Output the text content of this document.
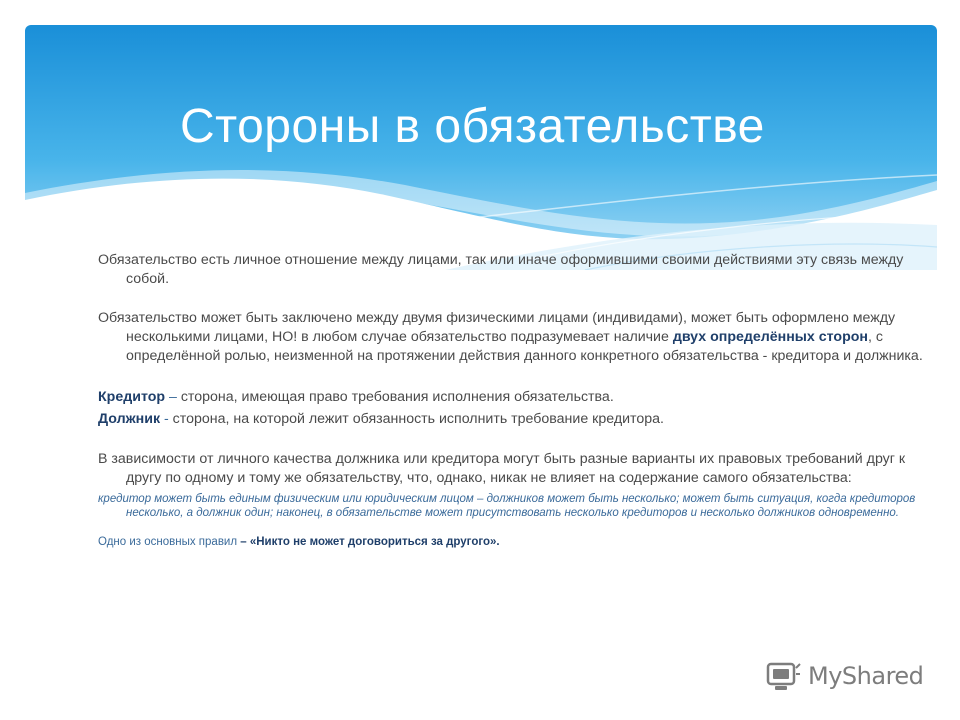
Стороны в обязательстве

Обязательство есть личное отношение между лицами, так или иначе оформившими своими действиями эту связь между собой.

Обязательство может быть заключено между двумя физическими лицами (индивидами), может быть оформлено между несколькими лицами, НО! в любом случае обязательство подразумевает наличие двух определённых сторон, с определённой ролью, неизменной на протяжении действия данного конкретного обязательства - кредитора и должника.

Кредитор – сторона, имеющая право требования исполнения обязательства.

Должник - сторона, на которой лежит обязанность исполнить требование кредитора.

В зависимости от личного качества должника или кредитора могут быть разные варианты их правовых требований друг к другу по одному и тому же обязательству, что, однако, никак не влияет на содержание самого обязательства:

кредитор может быть единым физическим или юридическим лицом – должников может быть несколько; может быть ситуация, когда кредиторов несколько, а должник один; наконец, в обязательстве может присутствовать несколько кредиторов и несколько должников одновременно.

Одно из основных правил – «Никто не может договориться за другого».

MyShared
